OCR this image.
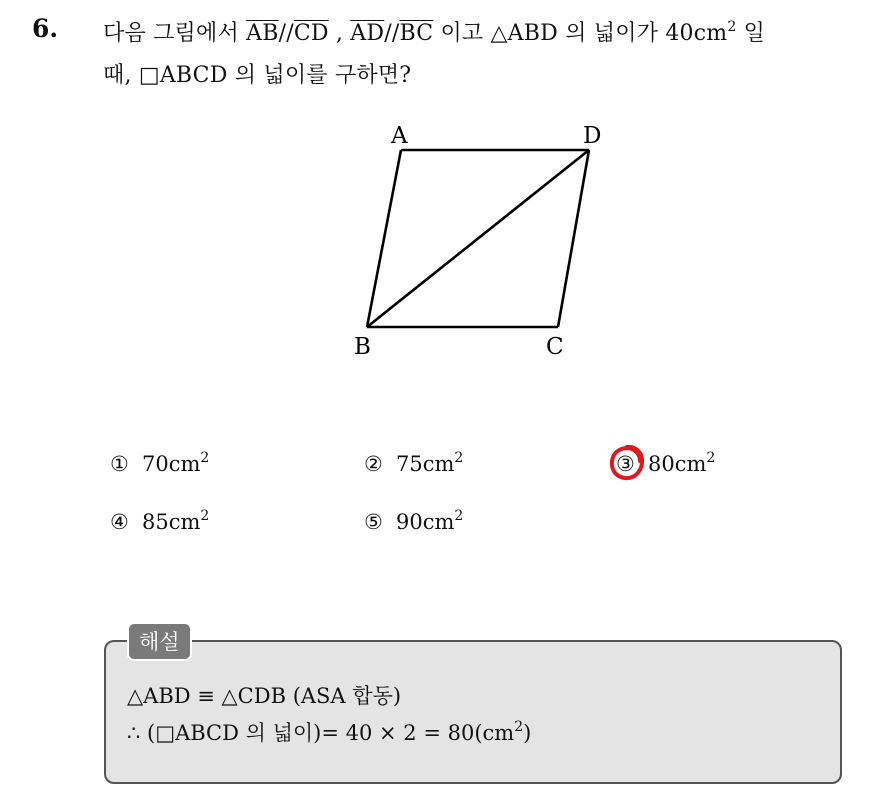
6. 다음 그림에서 $\overline{AB}//\overline{CD}$ , $\overline{AD}//\overline{BC}$ 이고 △ABD 의 넓이가 $40cm^2$ 일
때, □ABCD 의 넓이를 구하면?
A	D
B	C
① $70cm^2$	② $75cm^2$	③ $80cm^2$
④ $85cm^2$	⑤ $90cm^2$
해설
△ABD ≡ △CDB (ASA 합동)
∴ (□ABCD 의 넓이)= $40 \times 2 = 80(cm^2)$
